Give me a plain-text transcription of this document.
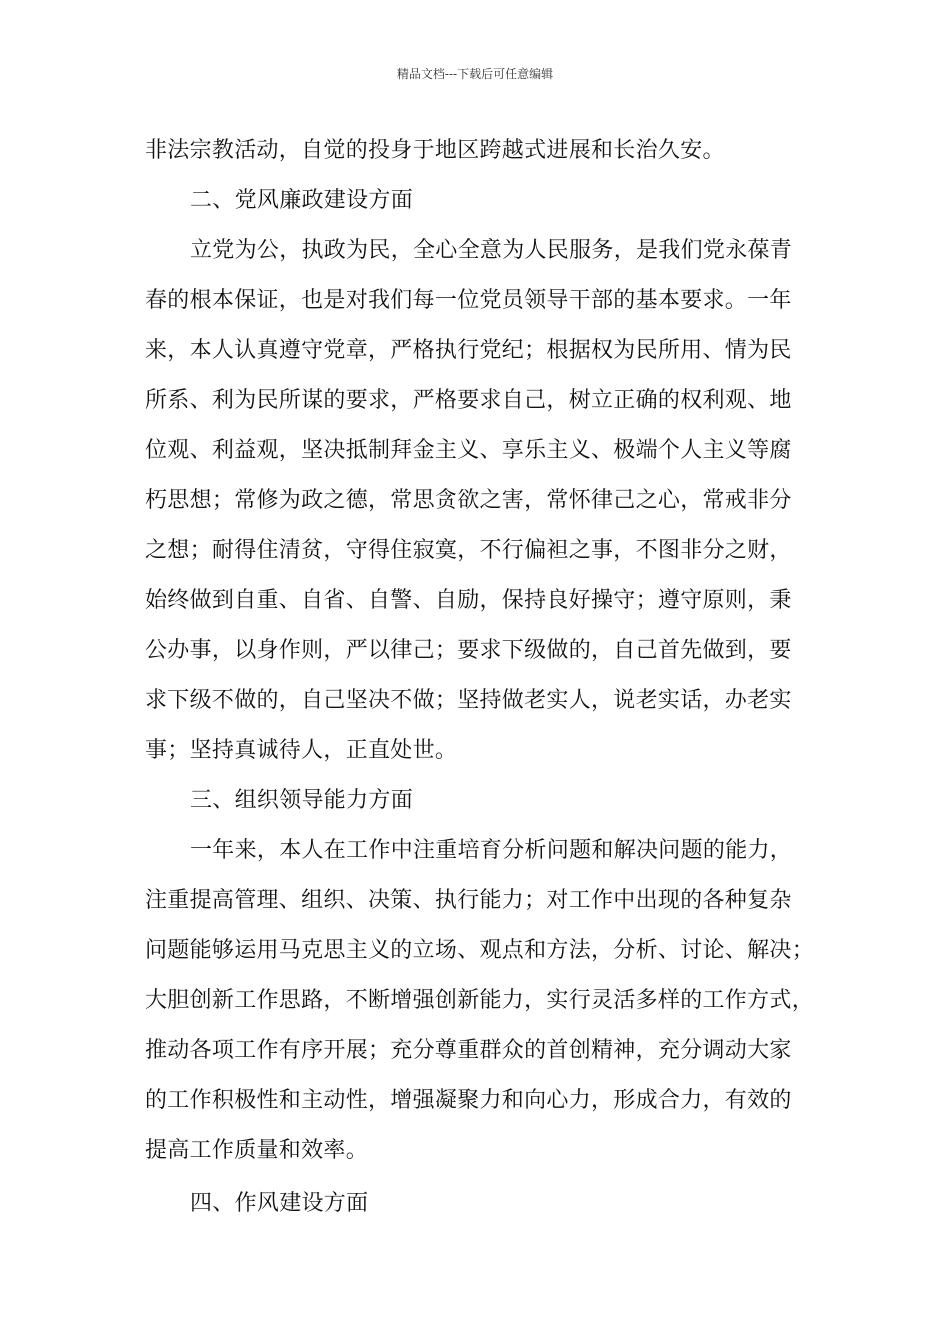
精品文档---下载后可任意编辑
非法宗教活动，自觉的投身于地区跨越式进展和长治久安。
二、党风廉政建设方面
立党为公，执政为民，全心全意为人民服务，是我们党永葆青
春的根本保证，也是对我们每一位党员领导干部的基本要求。一年
来，本人认真遵守党章，严格执行党纪；根据权为民所用、情为民
所系、利为民所谋的要求，严格要求自己，树立正确的权利观、地
位观、利益观，坚决抵制拜金主义、享乐主义、极端个人主义等腐
朽思想；常修为政之德，常思贪欲之害，常怀律己之心，常戒非分
之想；耐得住清贫，守得住寂寞，不行偏袒之事，不图非分之财，
始终做到自重、自省、自警、自励，保持良好操守；遵守原则，秉
公办事，以身作则，严以律己；要求下级做的，自己首先做到，要
求下级不做的，自己坚决不做；坚持做老实人，说老实话，办老实
事；坚持真诚待人，正直处世。
三、组织领导能力方面
一年来，本人在工作中注重培育分析问题和解决问题的能力，
注重提高管理、组织、决策、执行能力；对工作中出现的各种复杂
问题能够运用马克思主义的立场、观点和方法，分析、讨论、解决；
大胆创新工作思路，不断增强创新能力，实行灵活多样的工作方式，
推动各项工作有序开展；充分尊重群众的首创精神，充分调动大家
的工作积极性和主动性，增强凝聚力和向心力，形成合力，有效的
提高工作质量和效率。
四、作风建设方面
